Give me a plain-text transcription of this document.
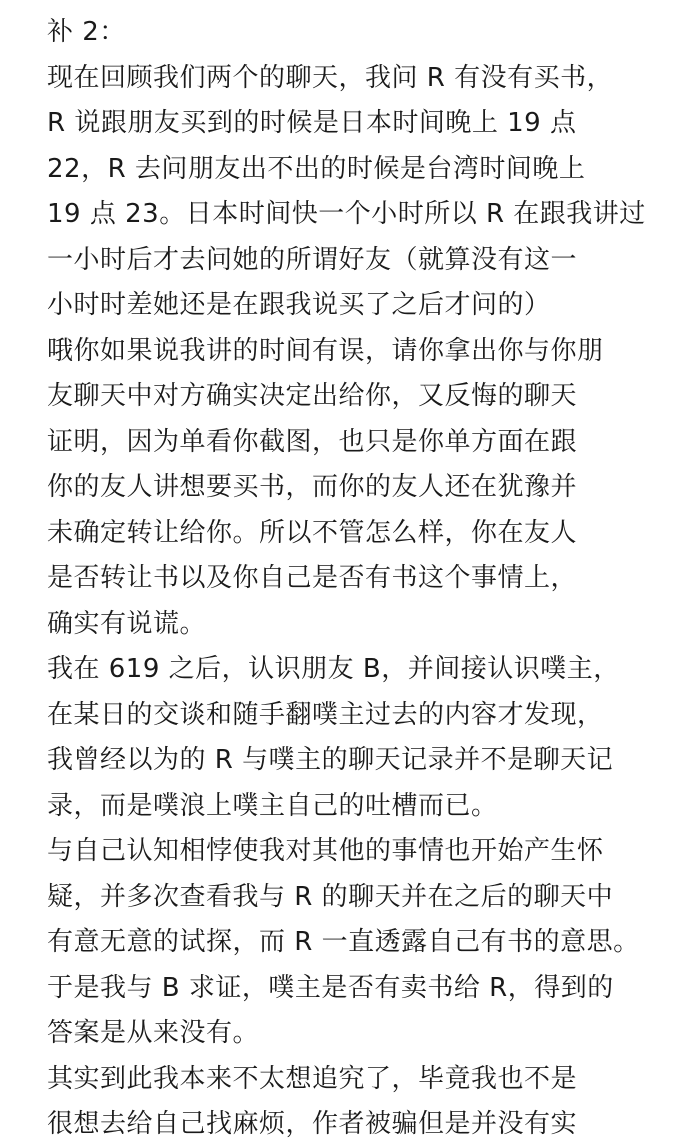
补 2：
现在回顾我们两个的聊天，我问 R 有没有买书，
R 说跟朋友买到的时候是日本时间晚上 19 点
22，R 去问朋友出不出的时候是台湾时间晚上
19 点 23。日本时间快一个小时所以 R 在跟我讲过
一小时后才去问她的所谓好友（就算没有这一
小时时差她还是在跟我说买了之后才问的）
哦你如果说我讲的时间有误，请你拿出你与你朋
友聊天中对方确实决定出给你，又反悔的聊天
证明，因为单看你截图，也只是你单方面在跟
你的友人讲想要买书，而你的友人还在犹豫并
未确定转让给你。所以不管怎么样，你在友人
是否转让书以及你自己是否有书这个事情上，
确实有说谎。
我在 619 之后，认识朋友 B，并间接认识噗主，
在某日的交谈和随手翻噗主过去的内容才发现，
我曾经以为的 R 与噗主的聊天记录并不是聊天记
录，而是噗浪上噗主自己的吐槽而已。
与自己认知相悖使我对其他的事情也开始产生怀
疑，并多次查看我与 R 的聊天并在之后的聊天中
有意无意的试探，而 R 一直透露自己有书的意思。
于是我与 B 求证，噗主是否有卖书给 R，得到的
答案是从来没有。
其实到此我本来不太想追究了，毕竟我也不是
很想去给自己找麻烦，作者被骗但是并没有实
